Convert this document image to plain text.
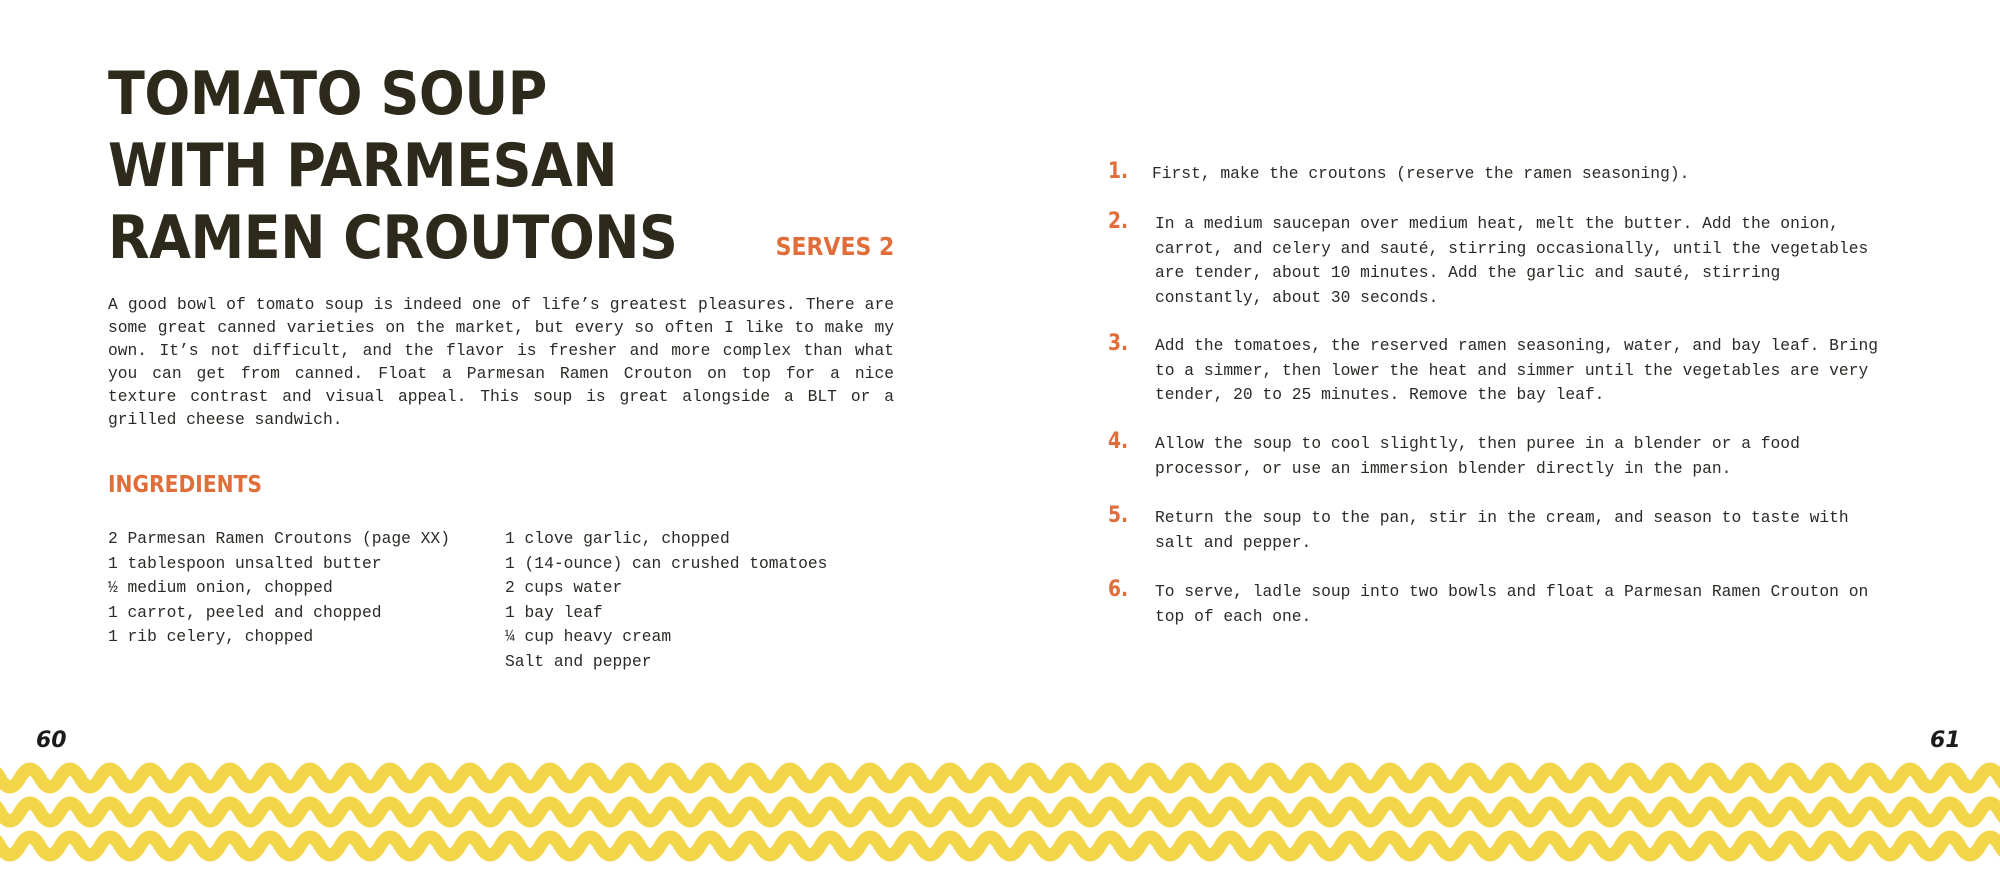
TOMATO SOUP
WITH PARMESAN
RAMEN CROUTONS	SERVES 2
A good bowl of tomato soup is indeed one of life’s greatest pleasures. There are some great canned varieties on the market, but every so often I like to make my own. It’s not difficult, and the flavor is fresher and more complex than what you can get from canned. Float a Parmesan Ramen Crouton on top for a nice texture contrast and visual appeal. This soup is great alongside a BLT or a grilled cheese sandwich.
INGREDIENTS
2 Parmesan Ramen Croutons (page XX)
1 tablespoon unsalted butter
½ medium onion, chopped
1 carrot, peeled and chopped
1 rib celery, chopped
1 clove garlic, chopped
1 (14-ounce) can crushed tomatoes
2 cups water
1 bay leaf
¼ cup heavy cream
Salt and pepper
1. First, make the croutons (reserve the ramen seasoning).
2. In a medium saucepan over medium heat, melt the butter. Add the onion, carrot, and celery and sauté, stirring occasionally, until the vegetables are tender, about 10 minutes. Add the garlic and sauté, stirring constantly, about 30 seconds.
3. Add the tomatoes, the reserved ramen seasoning, water, and bay leaf. Bring to a simmer, then lower the heat and simmer until the vegetables are very tender, 20 to 25 minutes. Remove the bay leaf.
4. Allow the soup to cool slightly, then puree in a blender or a food processor, or use an immersion blender directly in the pan.
5. Return the soup to the pan, stir in the cream, and season to taste with salt and pepper.
6. To serve, ladle soup into two bowls and float a Parmesan Ramen Crouton on top of each one.
60	61
